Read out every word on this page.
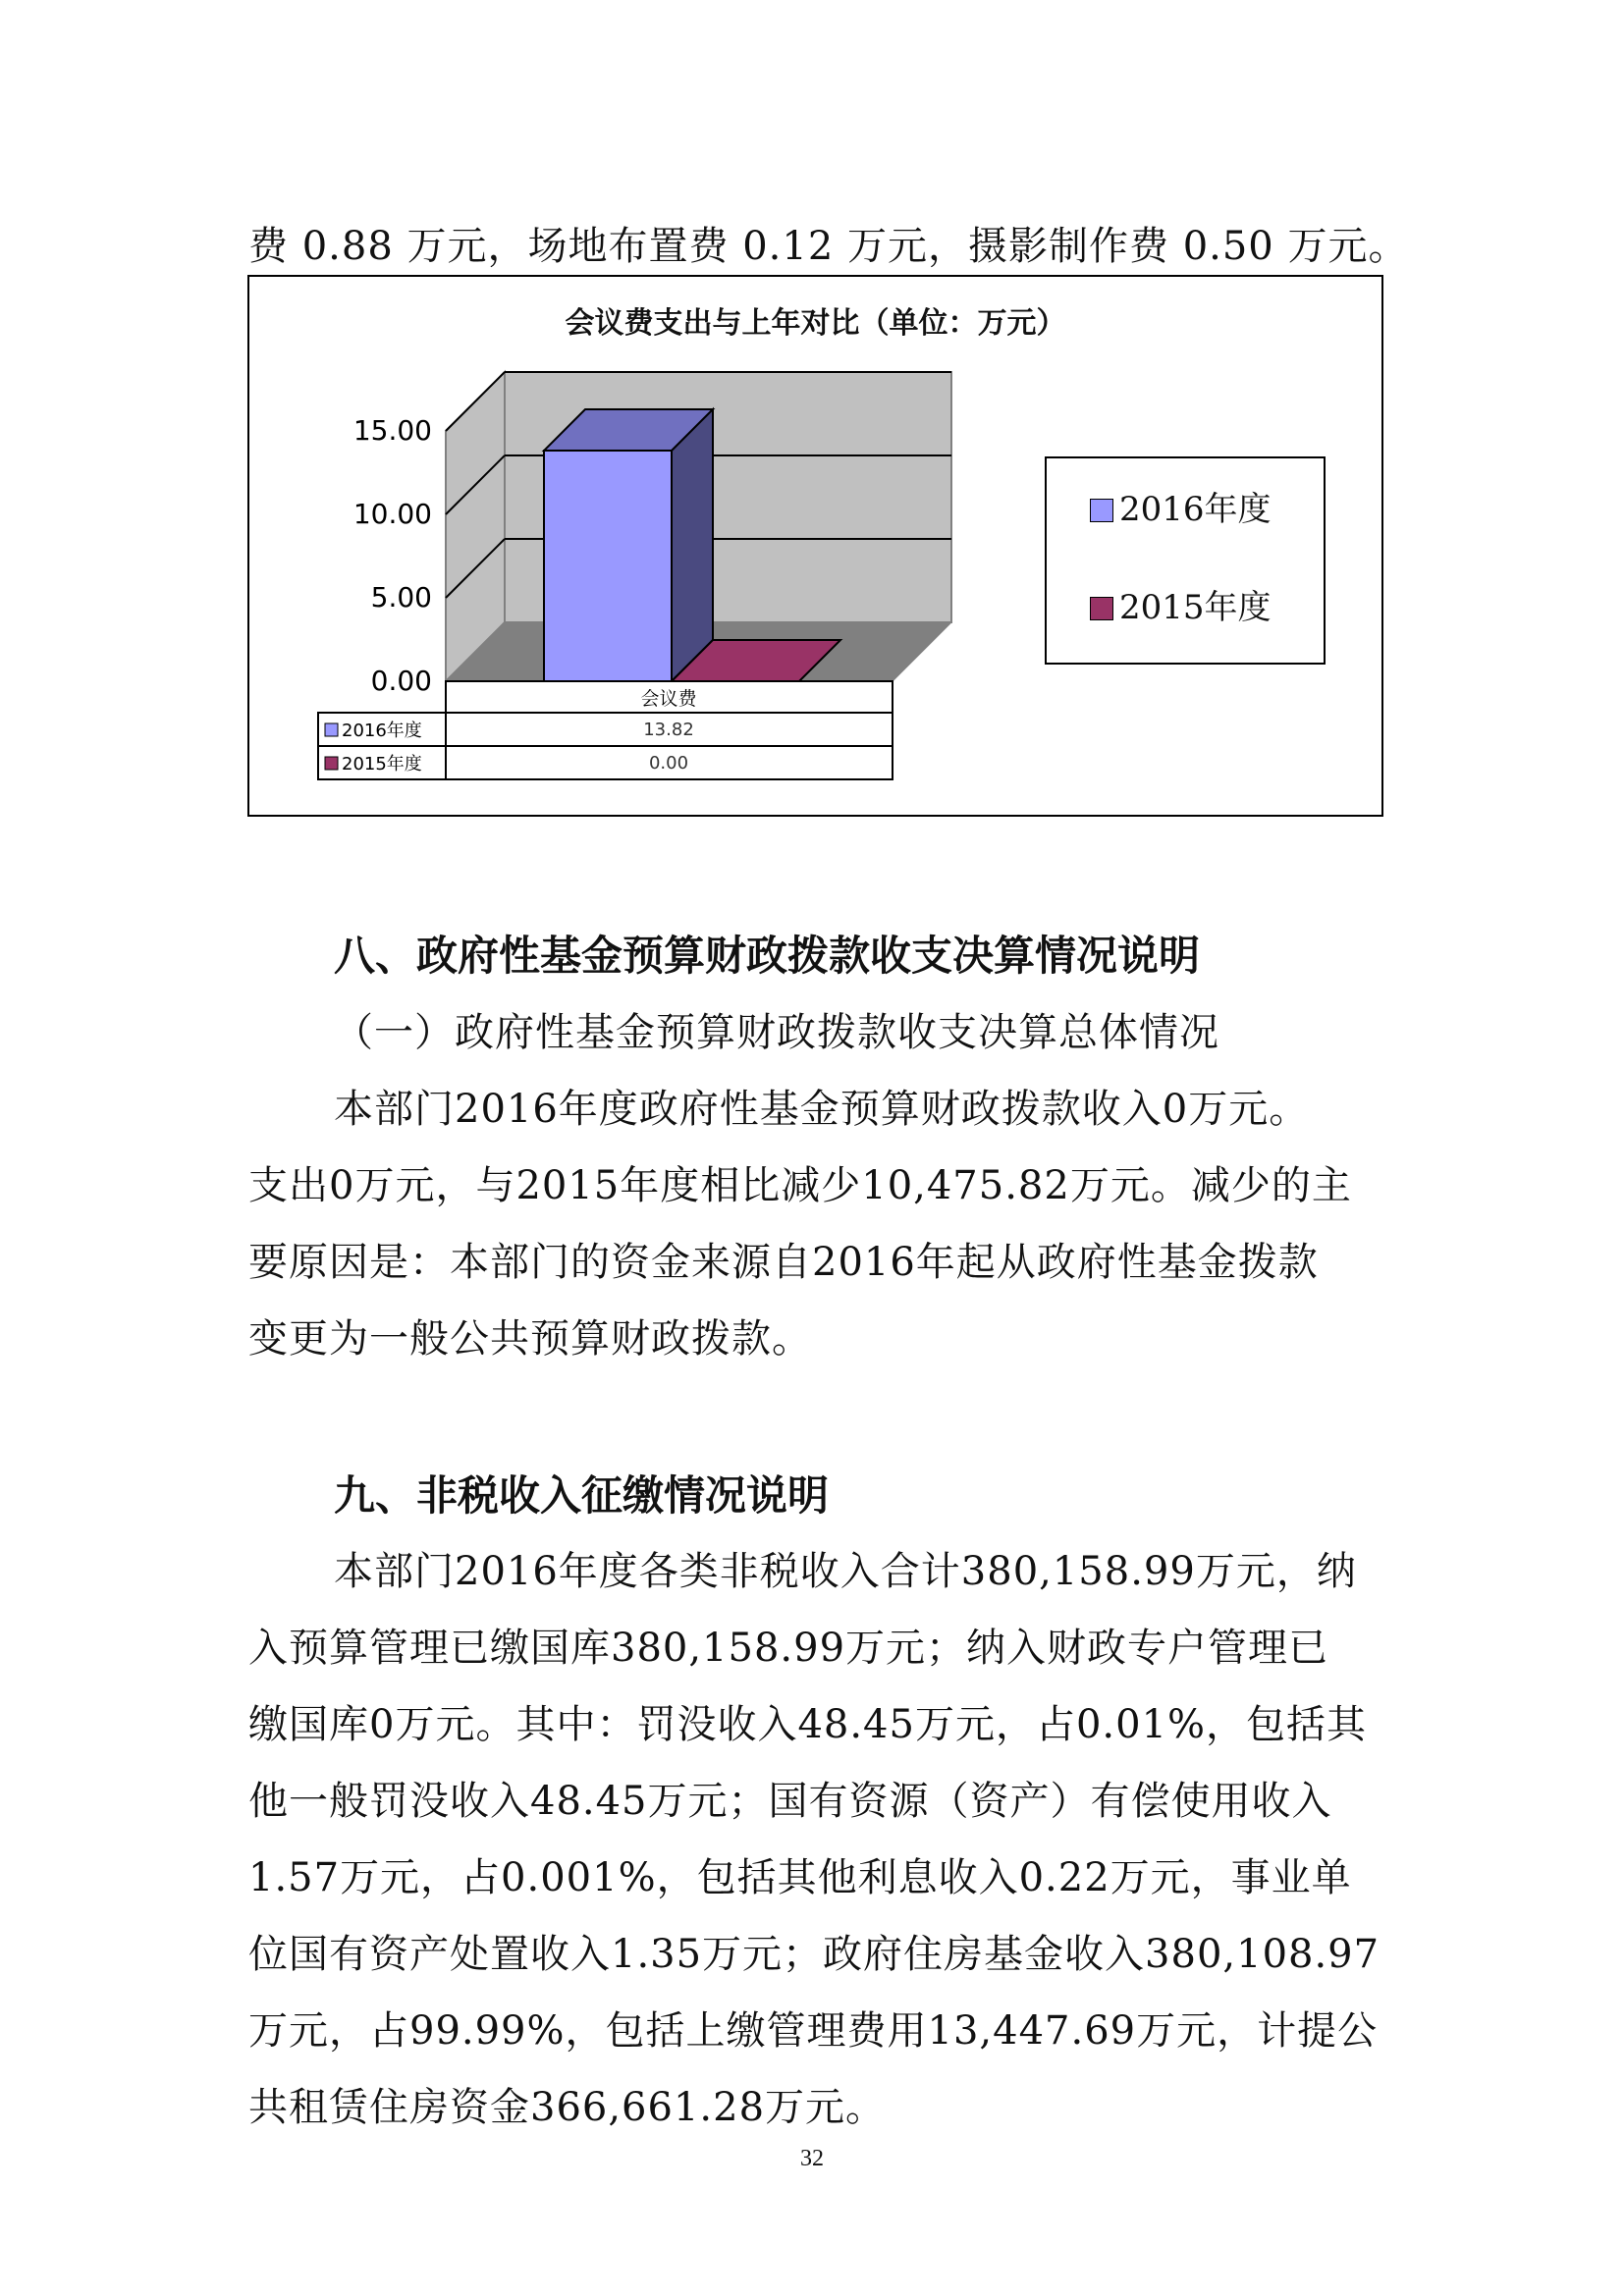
费 0.88 万元，场地布置费 0.12 万元，摄影制作费 0.50 万元。
会议费支出与上年对比（单位：万元）
15.00
10.00
5.00
0.00
会议费
2016年度	13.82
2015年度	0.00
2016年度
2015年度
八、政府性基金预算财政拨款收支决算情况说明
（一）政府性基金预算财政拨款收支决算总体情况
本部门2016年度政府性基金预算财政拨款收入0万元。
支出0万元，与2015年度相比减少10,475.82万元。减少的主
要原因是：本部门的资金来源自2016年起从政府性基金拨款
变更为一般公共预算财政拨款。
九、非税收入征缴情况说明
本部门2016年度各类非税收入合计380,158.99万元，纳
入预算管理已缴国库380,158.99万元；纳入财政专户管理已
缴国库0万元。其中：罚没收入48.45万元，占0.01%，包括其
他一般罚没收入48.45万元；国有资源（资产）有偿使用收入
1.57万元，占0.001%，包括其他利息收入0.22万元，事业单
位国有资产处置收入1.35万元；政府住房基金收入380,108.97
万元，占99.99%，包括上缴管理费用13,447.69万元，计提公
共租赁住房资金366,661.28万元。
32
